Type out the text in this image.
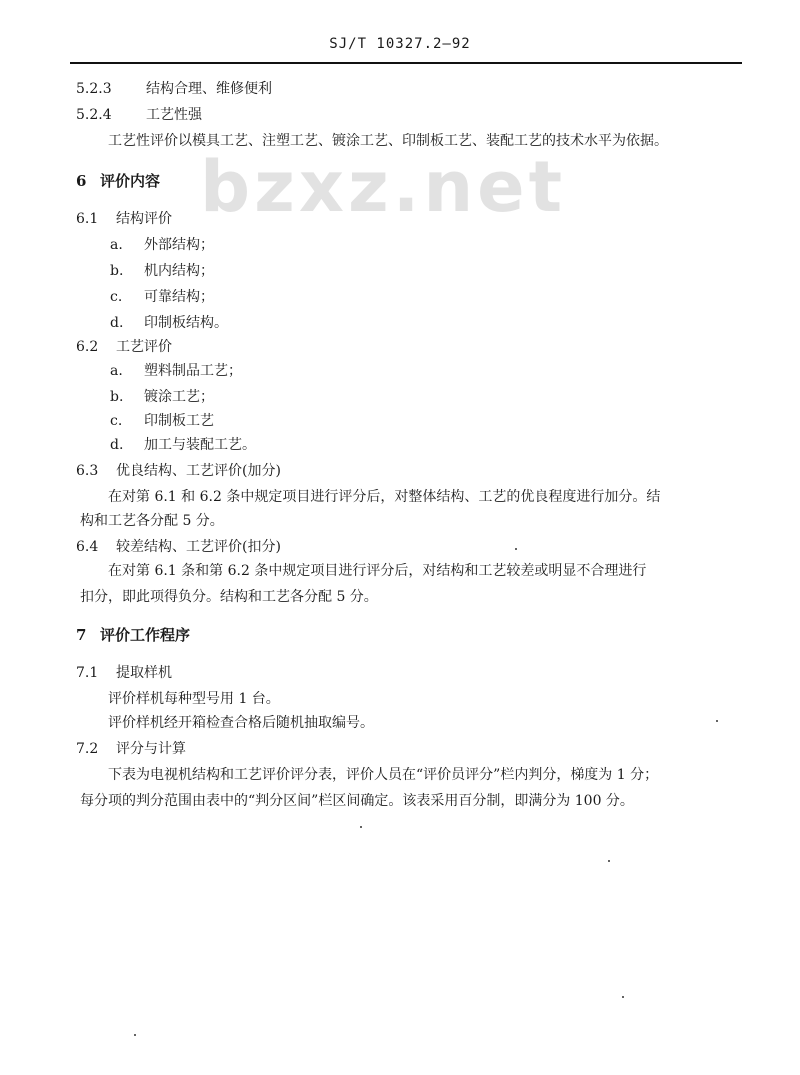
SJ/T 10327.2—92
bzxz.net
5.2.3 结构合理、维修便利
5.2.4 工艺性强
工艺性评价以模具工艺、注塑工艺、镀涂工艺、印制板工艺、装配工艺的技术水平为依据。
6 评价内容
6.1 结构评价
a. 外部结构；
b. 机内结构；
c. 可靠结构；
d. 印制板结构。
6.2 工艺评价
a. 塑料制品工艺；
b. 镀涂工艺；
c. 印制板工艺
d. 加工与装配工艺。
6.3 优良结构、工艺评价(加分)
在对第 6.1 和 6.2 条中规定项目进行评分后，对整体结构、工艺的优良程度进行加分。结
构和工艺各分配 5 分。
6.4 较差结构、工艺评价(扣分)
在对第 6.1 条和第 6.2 条中规定项目进行评分后，对结构和工艺较差或明显不合理进行
扣分，即此项得负分。结构和工艺各分配 5 分。
7 评价工作程序
7.1 提取样机
评价样机每种型号用 1 台。
评价样机经开箱检查合格后随机抽取编号。
7.2 评分与计算
下表为电视机结构和工艺评价评分表，评价人员在“评价员评分”栏内判分，梯度为 1 分；
每分项的判分范围由表中的“判分区间”栏区间确定。该表采用百分制，即满分为 100 分。
